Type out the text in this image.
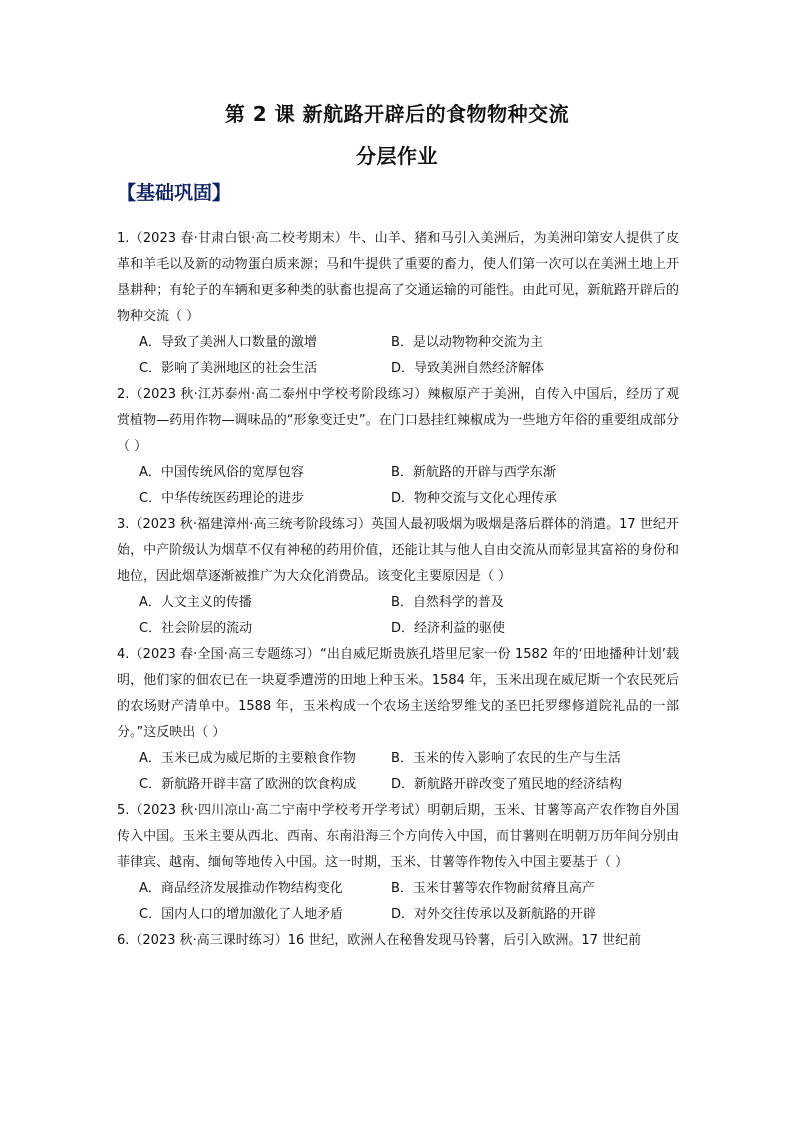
第 2 课 新航路开辟后的食物物种交流
分层作业
【基础巩固】
1.（2023 春·甘肃白银·高二校考期末）牛、山羊、猪和马引入美洲后，为美洲印第安人提供了皮革和羊毛以及新的动物蛋白质来源；马和牛提供了重要的畜力，使人们第一次可以在美洲土地上开垦耕种；有轮子的车辆和更多种类的驮畜也提高了交通运输的可能性。由此可见，新航路开辟后的物种交流（ ）
A．导致了美洲人口数量的激增	B．是以动物物种交流为主
C．影响了美洲地区的社会生活	D．导致美洲自然经济解体
2.（2023 秋·江苏泰州·高二泰州中学校考阶段练习）辣椒原产于美洲，自传入中国后，经历了观赏植物—药用作物—调味品的“形象变迁史”。在门口悬挂红辣椒成为一些地方年俗的重要组成部分（ ）
A．中国传统风俗的宽厚包容	B．新航路的开辟与西学东渐
C．中华传统医药理论的进步	D．物种交流与文化心理传承
3.（2023 秋·福建漳州·高三统考阶段练习）英国人最初吸烟为吸烟是落后群体的消遣。17 世纪开始，中产阶级认为烟草不仅有神秘的药用价值，还能让其与他人自由交流从而彰显其富裕的身份和地位，因此烟草逐渐被推广为大众化消费品。该变化主要原因是（ ）
A．人文主义的传播	B．自然科学的普及
C．社会阶层的流动	D．经济利益的驱使
4.（2023 春·全国·高三专题练习）“出自威尼斯贵族孔塔里尼家一份 1582 年的‘田地播种计划’载明，他们家的佃农已在一块夏季遭涝的田地上种玉米。1584 年，玉米出现在威尼斯一个农民死后的农场财产清单中。1588 年，玉米构成一个农场主送给罗维戈的圣巴托罗缪修道院礼品的一部分。”这反映出（ ）
A．玉米已成为威尼斯的主要粮食作物	B．玉米的传入影响了农民的生产与生活
C．新航路开辟丰富了欧洲的饮食构成	D．新航路开辟改变了殖民地的经济结构
5.（2023 秋·四川凉山·高二宁南中学校考开学考试）明朝后期，玉米、甘薯等高产农作物自外国传入中国。玉米主要从西北、西南、东南沿海三个方向传入中国，而甘薯则在明朝万历年间分别由菲律宾、越南、缅甸等地传入中国。这一时期，玉米、甘薯等作物传入中国主要基于（ ）
A．商品经济发展推动作物结构变化	B．玉米甘薯等农作物耐贫瘠且高产
C．国内人口的增加激化了人地矛盾	D．对外交往传承以及新航路的开辟
6.（2023 秋·高三课时练习）16 世纪，欧洲人在秘鲁发现马铃薯，后引入欧洲。17 世纪前
